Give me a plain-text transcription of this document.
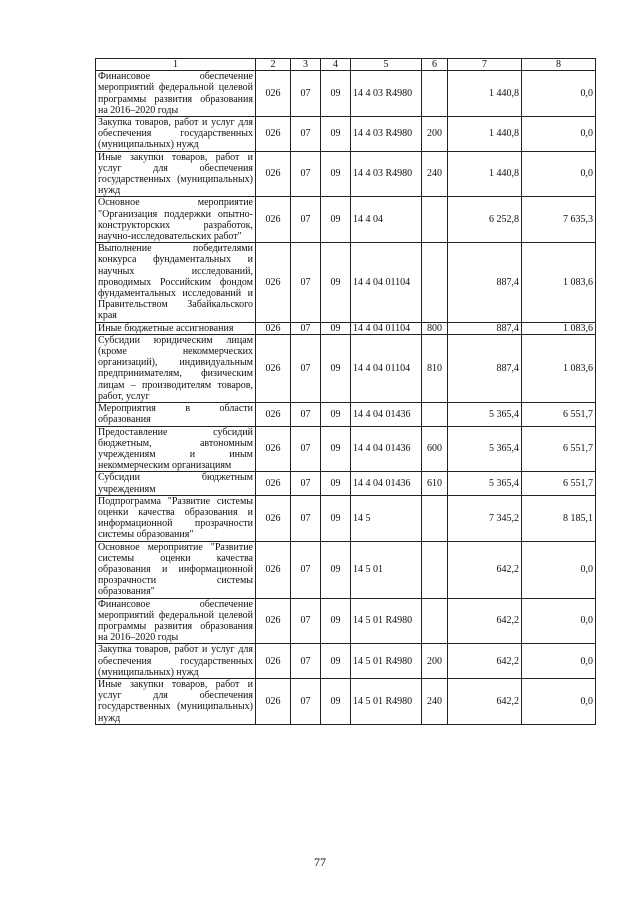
1	2	3	4	5	6	7	8
Финансовое обеспечение мероприятий федеральной целевой программы развития образования на 2016–2020 годы	026	07	09	14 4 03 R4980		1 440,8	0,0
Закупка товаров, работ и услуг для обеспечения государственных (муниципальных) нужд	026	07	09	14 4 03 R4980	200	1 440,8	0,0
Иные закупки товаров, работ и услуг для обеспечения государственных (муниципальных) нужд	026	07	09	14 4 03 R4980	240	1 440,8	0,0
Основное мероприятие "Организация поддержки опытно-конструкторских разработок, научно-исследовательских работ"	026	07	09	14 4 04		6 252,8	7 635,3
Выполнение победителями конкурса фундаментальных и научных исследований, проводимых Российским фондом фундаментальных исследований и Правительством Забайкальского края	026	07	09	14 4 04 01104		887,4	1 083,6
Иные бюджетные ассигнования	026	07	09	14 4 04 01104	800	887,4	1 083,6
Субсидии юридическим лицам (кроме некоммерческих организаций), индивидуальным предпринимателям, физическим лицам – производителям товаров, работ, услуг	026	07	09	14 4 04 01104	810	887,4	1 083,6
Мероприятия в области образования	026	07	09	14 4 04 01436		5 365,4	6 551,7
Предоставление субсидий бюджетным, автономным учреждениям и иным некоммерческим организациям	026	07	09	14 4 04 01436	600	5 365,4	6 551,7
Субсидии бюджетным учреждениям	026	07	09	14 4 04 01436	610	5 365,4	6 551,7
Подпрограмма "Развитие системы оценки качества образования и информационной прозрачности системы образования"	026	07	09	14 5		7 345,2	8 185,1
Основное мероприятие "Развитие системы оценки качества образования и информационной прозрачности системы образования"	026	07	09	14 5 01		642,2	0,0
Финансовое обеспечение мероприятий федеральной целевой программы развития образования на 2016–2020 годы	026	07	09	14 5 01 R4980		642,2	0,0
Закупка товаров, работ и услуг для обеспечения государственных (муниципальных) нужд	026	07	09	14 5 01 R4980	200	642,2	0,0
Иные закупки товаров, работ и услуг для обеспечения государственных (муниципальных) нужд	026	07	09	14 5 01 R4980	240	642,2	0,0
77
